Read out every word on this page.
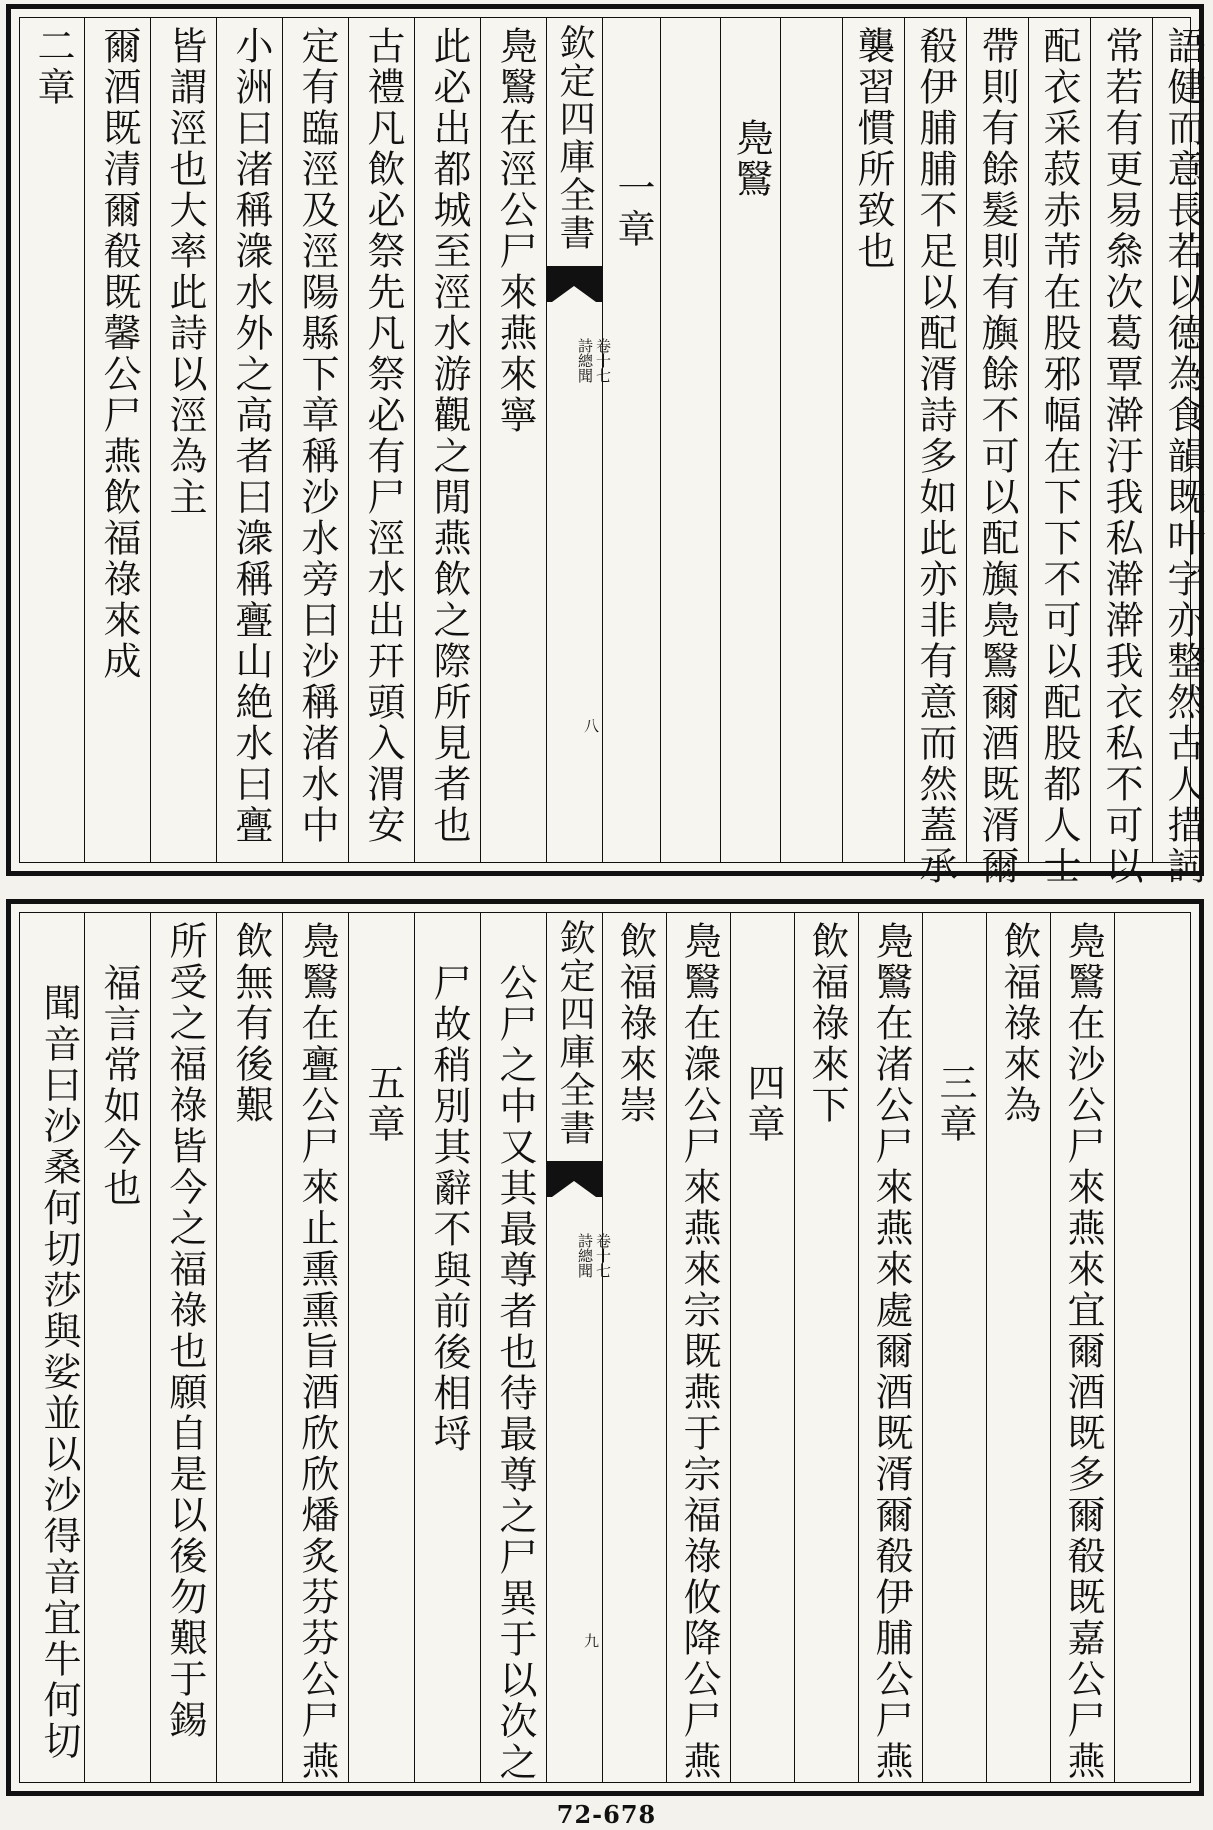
欽定四庫全書
詩總聞 卷十七
八
二章 爾酒既清爾殽既馨公尸燕飲福祿來成 皆謂涇也大率此詩以涇為主 小洲曰渚稱潨水外之高者曰潨稱亹山絶水曰亹 定有臨涇及涇陽縣下章稱沙水旁曰沙稱渚水中 古禮凡飲必祭先凡祭必有尸涇水出幵頭入渭安 此必出都城至涇水游觀之閒燕飲之際所見者也 鳧鷖在涇公尸來燕來寧 一章
鳧鷖 襲習慣所致也 殽伊脯脯不足以配湑詩多如此亦非有意而然蓋承 帶則有餘髮則有旟餘不可以配旟鳧鷖爾酒既湑爾 配衣采菽赤芾在股邪幅在下下不可以配股都人士 常若有更易叅次葛覃澣汙我私澣澣我衣私不可以 語健而意長若以德為食韻既叶字亦整然古人措詞
欽定四庫全書
詩總聞 卷十七
九
聞音曰沙桑何切莎與娑並以沙得音宜牛何切 福言常如今也 所受之福祿皆今之福祿也願自是以後勿艱于錫 飲無有後艱 鳧鷖在亹公尸來止熏熏旨酒欣欣燔炙芬芬公尸燕 五章 尸故稍別其辭不與前後相埒 公尸之中又其最尊者也待最尊之尸異于以次之 飲福祿來崇 鳧鷖在潨公尸來燕來宗既燕于宗福祿攸降公尸燕 四章 飲福祿來下 鳧鷖在渚公尸來燕來處爾酒既湑爾殽伊脯公尸燕 三章 飲福祿來為 鳧鷖在沙公尸來燕來宜爾酒既多爾殽既嘉公尸燕
72-678
